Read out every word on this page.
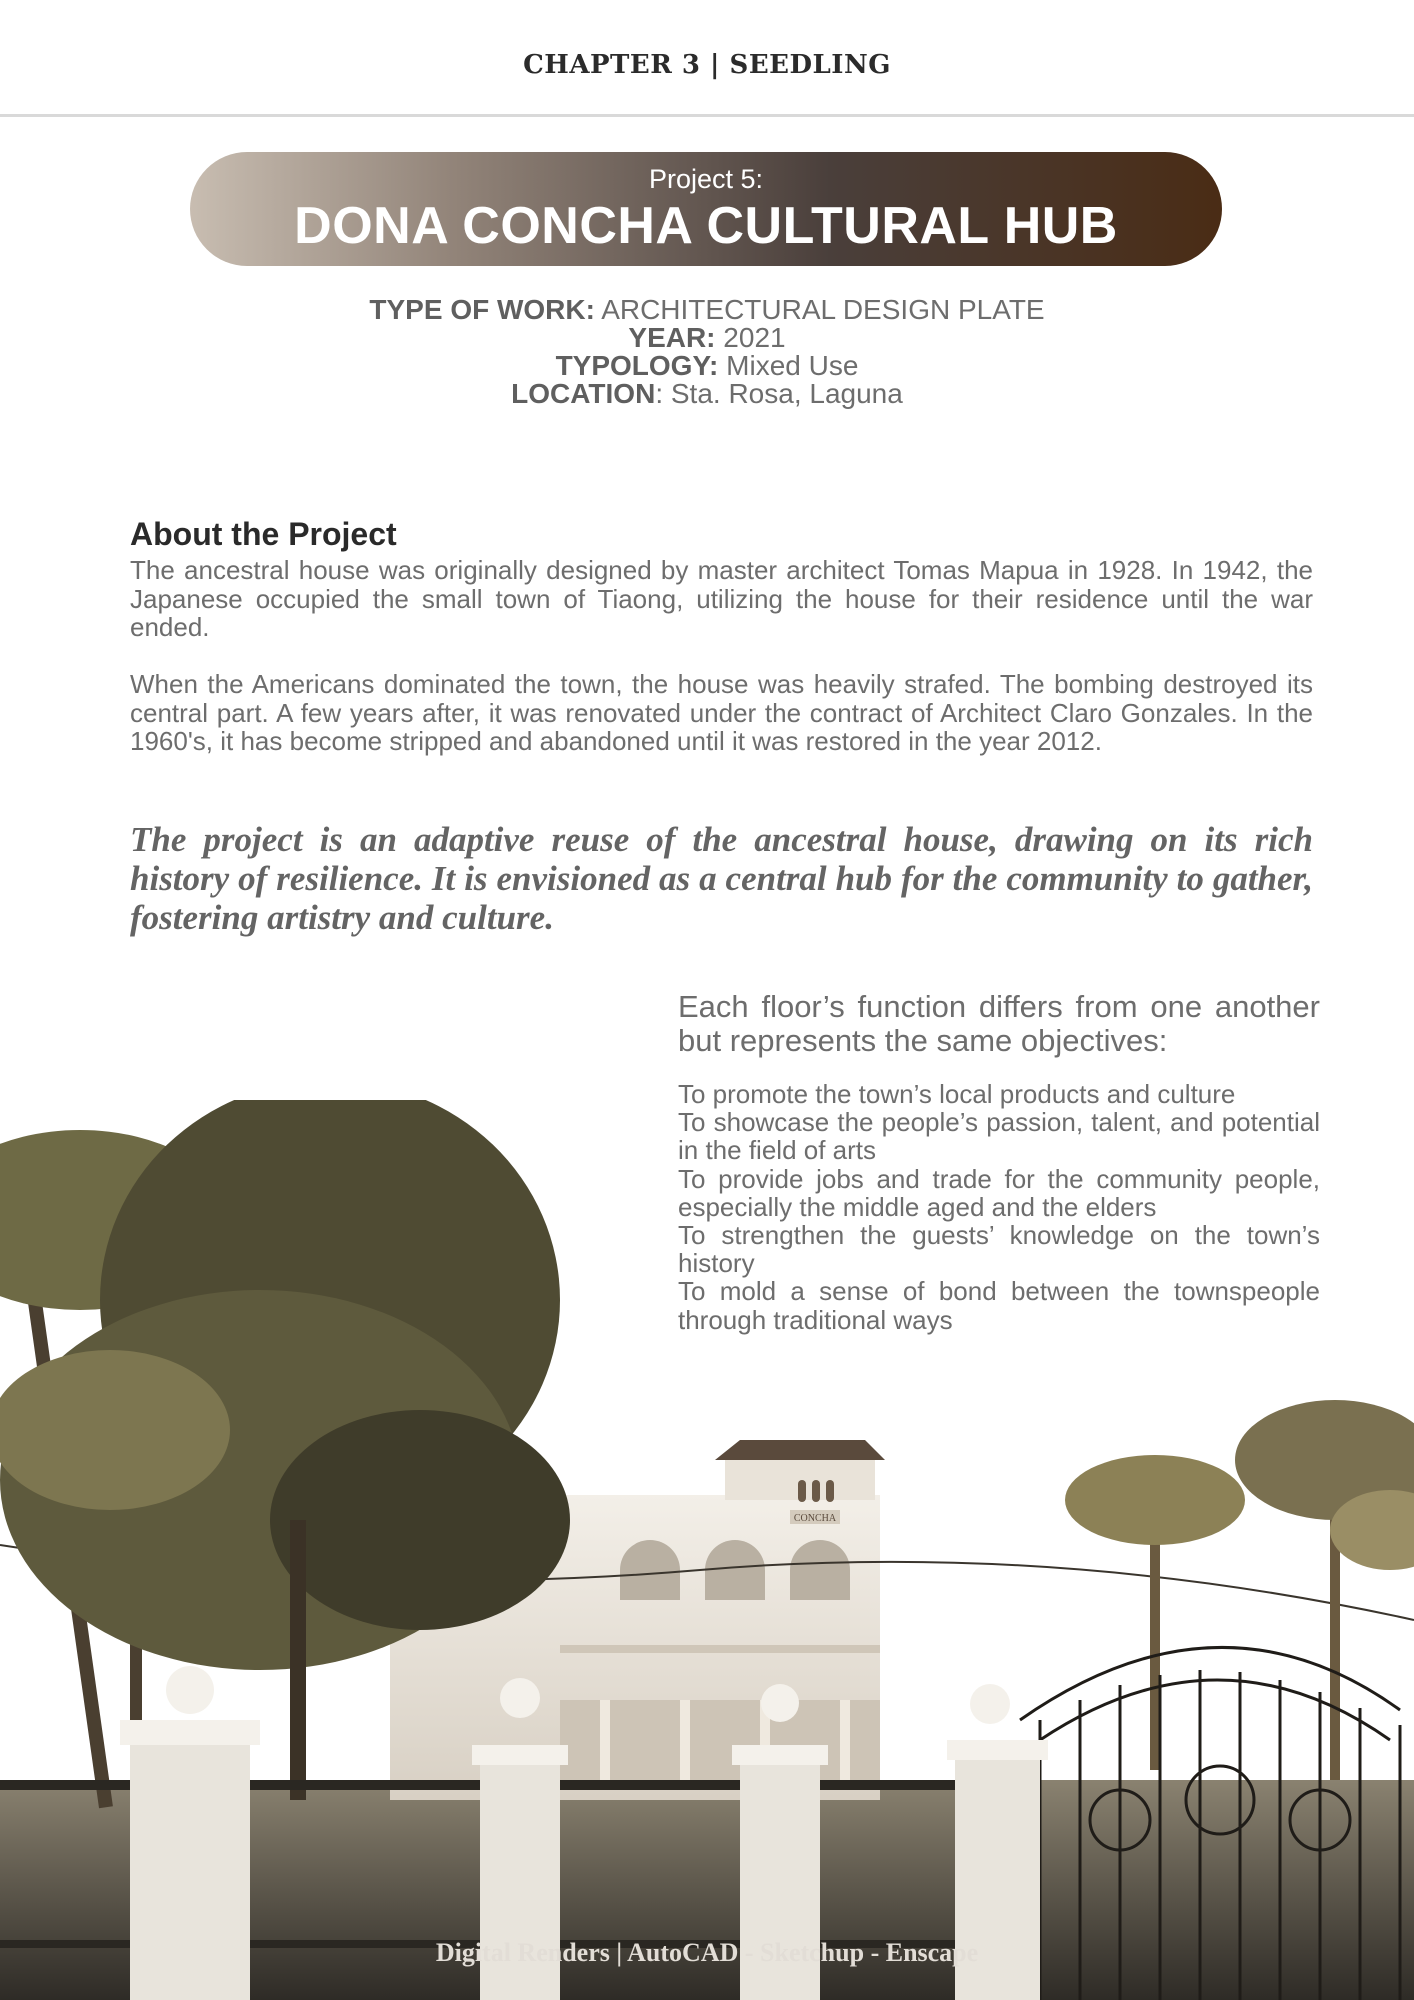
CHAPTER 3 | SEEDLING
Project 5:
DONA CONCHA CULTURAL HUB
TYPE OF WORK: ARCHITECTURAL DESIGN PLATE
YEAR: 2021
TYPOLOGY: Mixed Use
LOCATION: Sta. Rosa, Laguna
About the Project

The ancestral house was originally designed by master architect Tomas Mapua in 1928. In 1942, the Japanese occupied the small town of Tiaong, utilizing the house for their residence until the war ended.

When the Americans dominated the town, the house was heavily strafed. The bombing destroyed its central part. A few years after, it was renovated under the contract of Architect Claro Gonzales. In the 1960's, it has become stripped and abandoned until it was restored in the year 2012.

The project is an adaptive reuse of the ancestral house, drawing on its rich history of resilience. It is envisioned as a central hub for the community to gather, fostering artistry and culture.

CONCHA

Each floor’s function differs from one another but represents the same objectives:

To promote the town’s local products and culture

To showcase the people’s passion, talent, and potential in the field of arts

To provide jobs and trade for the community people, especially the middle aged and the elders

To strengthen the guests’ knowledge on the town’s history

To mold a sense of bond between the townspeople through traditional ways

Digital Renders | AutoCAD - Sketchup - Enscape
